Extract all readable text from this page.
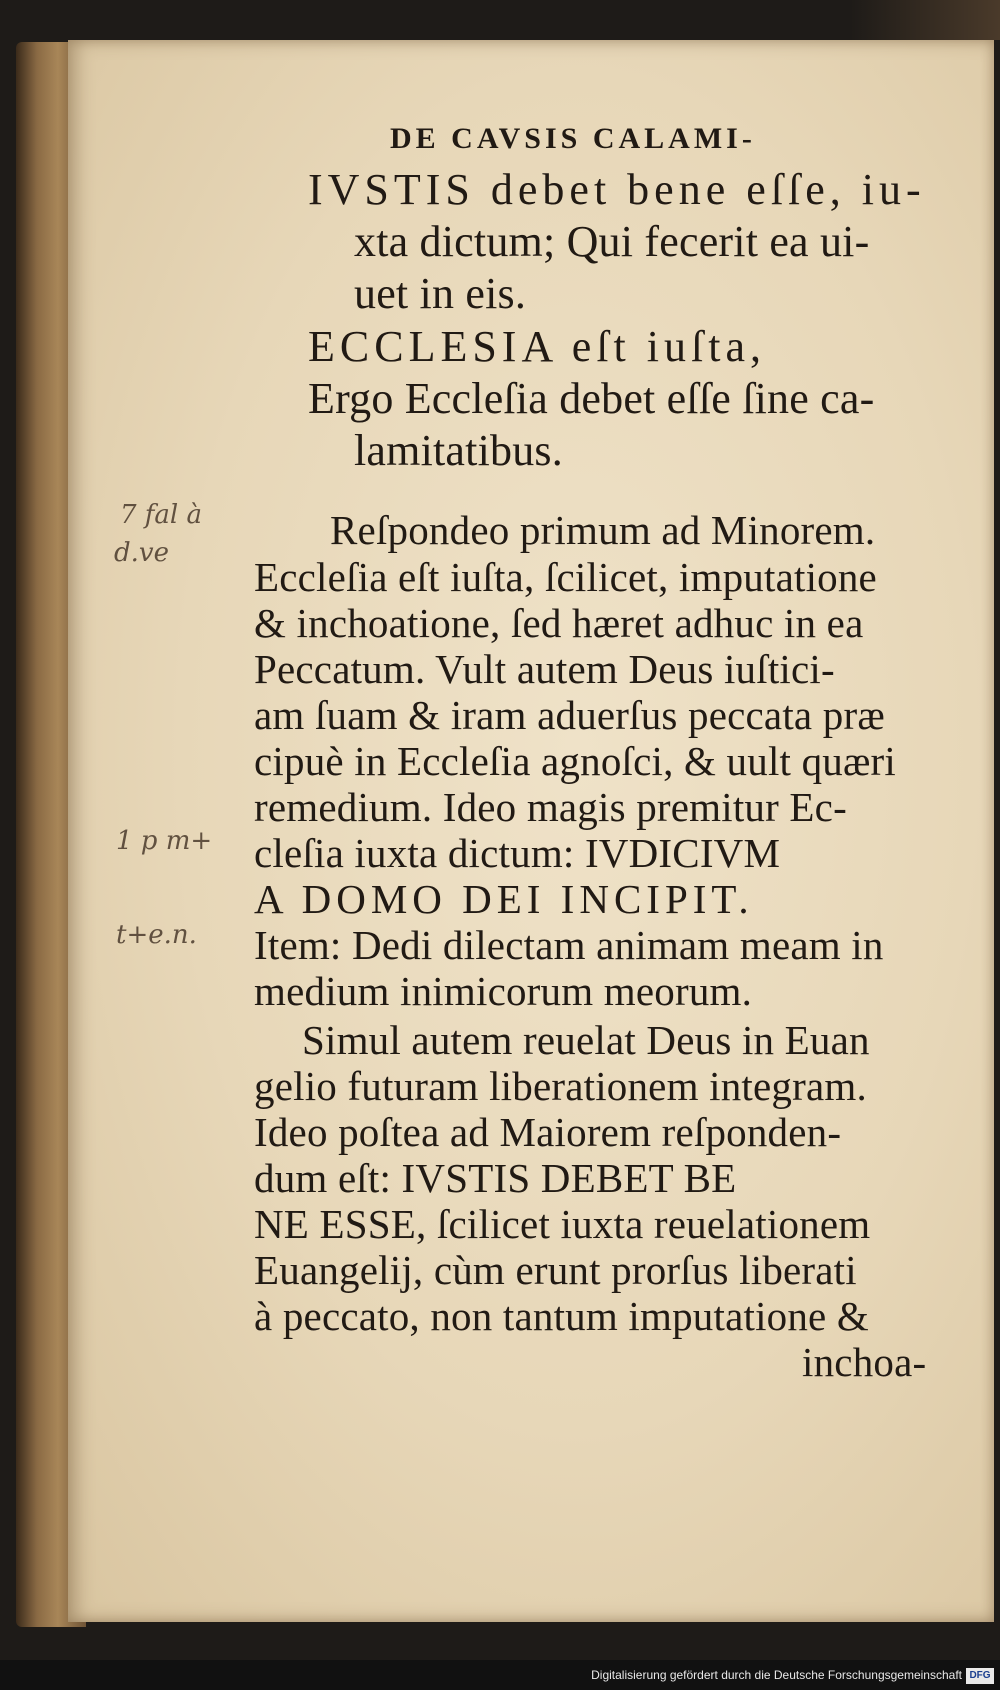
DE CAVSIS CALAMI-
IVSTIS debet bene eſſe, iu-
xta dictum; Qui fecerit ea ui-
uet in eis.
ECCLESIA eſt iuſta,
Ergo Eccleſia debet eſſe ſine ca-
lamitatibus.
Reſpondeo primum ad Minorem.
Eccleſia eſt iuſta, ſcilicet, imputatione
& inchoatione, ſed hæret adhuc in ea
Peccatum. Vult autem Deus iuſtici-
am ſuam & iram aduerſus peccata præ
cipuè in Eccleſia agnoſci, & uult quæri
remedium. Ideo magis premitur Ec-
cleſia iuxta dictum: IVDICIVM
A DOMO DEI INCIPIT.
Item: Dedi dilectam animam meam in
medium inimicorum meorum.
Simul autem reuelat Deus in Euan
gelio futuram liberationem integram.
Ideo poſtea ad Maiorem reſponden-
dum eſt: IVSTIS DEBET BE
NE ESSE, ſcilicet iuxta reuelationem
Euangelij, cùm erunt prorſus liberati
à peccato, non tantum imputatione &
inchoa-
7 fal à
d.ve
1 p m+
t+e.n.
Digitalisierung gefördert durch die Deutsche Forschungsgemeinschaft DFG
